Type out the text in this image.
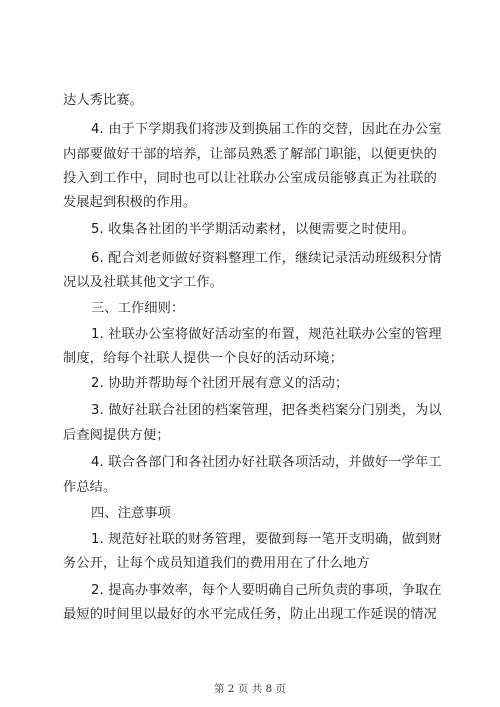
达人秀比赛。
4. 由于下学期我们将涉及到换届工作的交替，因此在办公室
内部要做好干部的培养，让部员熟悉了解部门职能，以便更快的
投入到工作中，同时也可以让社联办公室成员能够真正为社联的
发展起到积极的作用。
5. 收集各社团的半学期活动素材，以便需要之时使用。
6. 配合刘老师做好资料整理工作，继续记录活动班级积分情
况以及社联其他文字工作。
三、工作细则：
1. 社联办公室将做好活动室的布置，规范社联办公室的管理
制度，给每个社联人提供一个良好的活动环境；
2. 协助并帮助每个社团开展有意义的活动；
3. 做好社联合社团的档案管理，把各类档案分门别类，为以
后查阅提供方便；
4. 联合各部门和各社团办好社联各项活动，并做好一学年工
作总结。
四、注意事项
1. 规范好社联的财务管理，要做到每一笔开支明确，做到财
务公开，让每个成员知道我们的费用用在了什么地方
2. 提高办事效率，每个人要明确自己所负责的事项，争取在
最短的时间里以最好的水平完成任务，防止出现工作延误的情况
第 2 页 共 8 页
